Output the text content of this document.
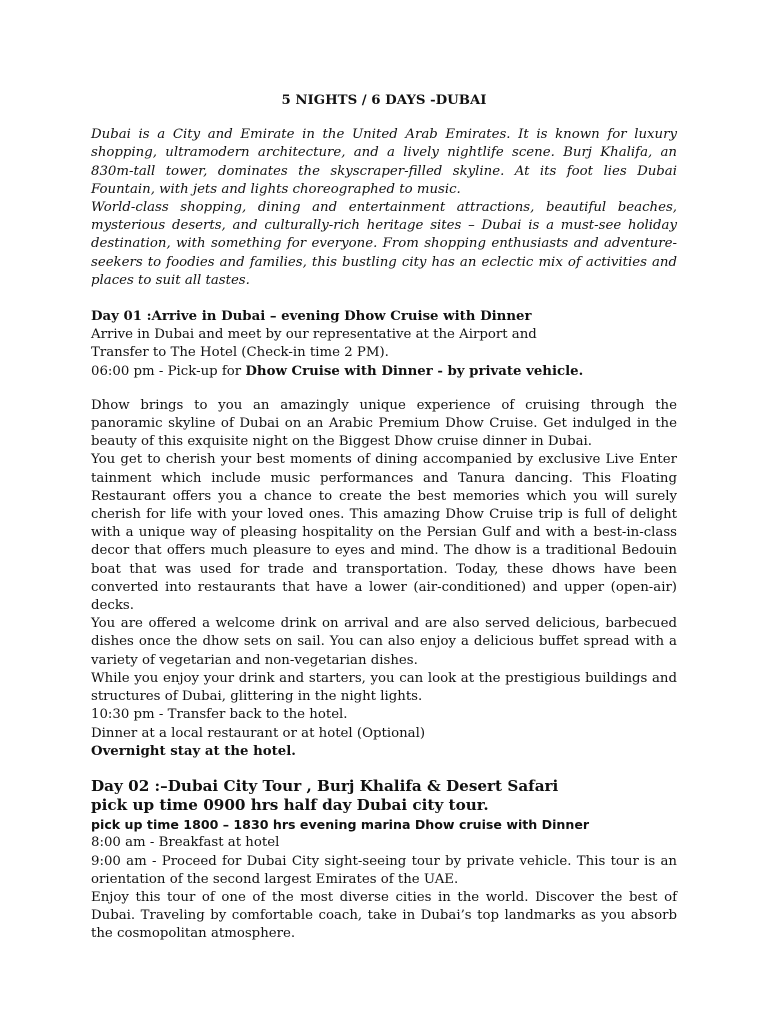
5 NIGHTS / 6 DAYS -DUBAI

Dubai is a City and Emirate in the United Arab Emirates. It is known for luxury shopping, ultramodern architecture, and a lively nightlife scene. Burj Khalifa, an 830m-tall tower, dominates the skyscraper-filled skyline. At its foot lies Dubai Fountain, with jets and lights choreographed to music.

World-class shopping, dining and entertainment attractions, beautiful beaches, mysterious deserts, and culturally-rich heritage sites – Dubai is a must-see holiday destination, with something for everyone. From shopping enthusiasts and adventure-seekers to foodies and families, this bustling city has an eclectic mix of activities and places to suit all tastes.

Day 01 :Arrive in Dubai – evening Dhow Cruise with Dinner

Arrive in Dubai and meet by our representative at the Airport and

Transfer to The Hotel (Check-in time 2 PM).

06:00 pm - Pick-up for Dhow Cruise with Dinner - by private vehicle.

Dhow brings to you an amazingly unique experience of cruising through the panoramic skyline of Dubai on an Arabic Premium Dhow Cruise. Get indulged in the beauty of this exquisite night on the Biggest Dhow cruise dinner in Dubai.

You get to cherish your best moments of dining accompanied by exclusive Live Enter tainment which include music performances and Tanura dancing. This Floating Restaurant offers you a chance to create the best memories which you will surely cherish for life with your loved ones. This amazing Dhow Cruise trip is full of delight with a unique way of pleasing hospitality on the Persian Gulf and with a best-in-class decor that offers much pleasure to eyes and mind. The dhow is a traditional Bedouin boat that was used for trade and transportation. Today, these dhows have been converted into restaurants that have a lower (air-conditioned) and upper (open-air) decks.

You are offered a welcome drink on arrival and are also served delicious, barbecued dishes once the dhow sets on sail. You can also enjoy a delicious buffet spread with a variety of vegetarian and non-vegetarian dishes.

While you enjoy your drink and starters, you can look at the prestigious buildings and structures of Dubai, glittering in the night lights.

10:30 pm - Transfer back to the hotel.

Dinner at a local restaurant or at hotel (Optional)

Overnight stay at the hotel.

Day 02 :–Dubai City Tour , Burj Khalifa & Desert Safari

pick up time 0900 hrs half day Dubai city tour.

pick up time 1800 – 1830 hrs evening marina Dhow cruise with Dinner

8:00 am - Breakfast at hotel

9:00 am - Proceed for Dubai City sight-seeing tour by private vehicle. This tour is an orientation of the second largest Emirates of the UAE.

Enjoy this tour of one of the most diverse cities in the world. Discover the best of Dubai. Traveling by comfortable coach, take in Dubai’s top landmarks as you absorb the cosmopolitan atmosphere.
